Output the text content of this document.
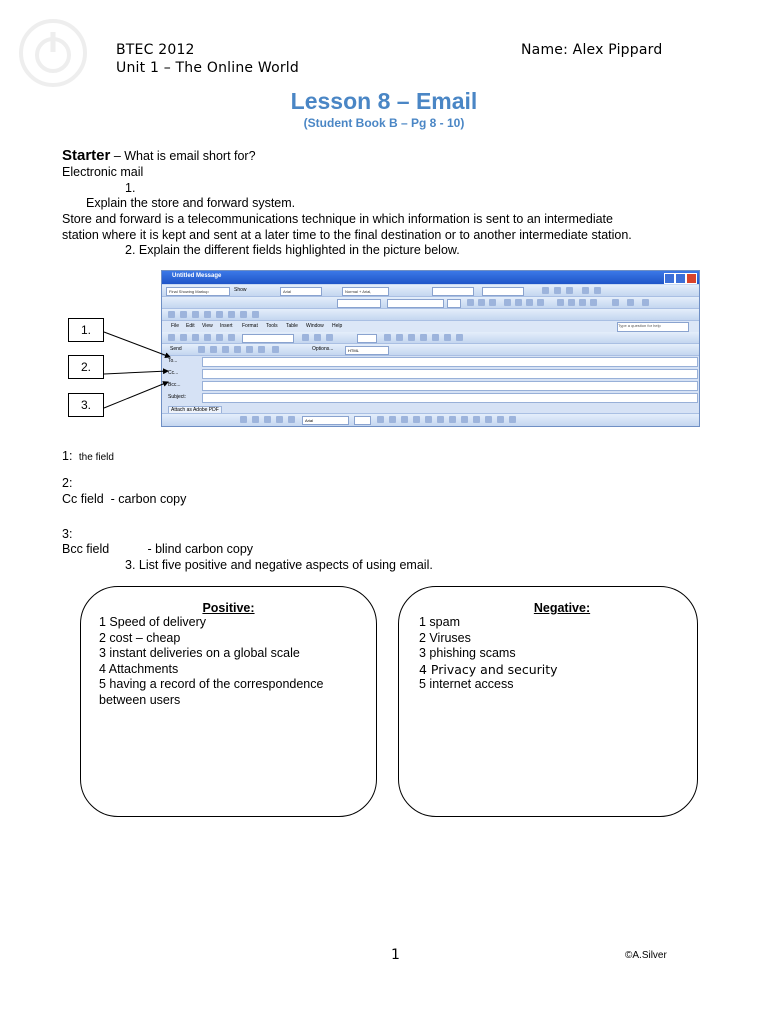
BTEC 2012
Unit 1 – The Online World
Name: Alex Pippard
Lesson 8 – Email
(Student Book B – Pg 8 - 10)
Starter – What is email short for?
Electronic mail
1.
Explain the store and forward system.
Store and forward is a telecommunications technique in which information is sent to an intermediate
station where it is kept and sent at a later time to the final destination or to another intermediate station.
2. Explain the different fields highlighted in the picture below.
Untitled Message
Final Showing Markup	Show	Arial	Normal + Arial,
File Edit View Insert Format Tools Table Window Help	Type a question for help
Send	Options...	HTML
To...
Cc...
Bcc...
Subject:
Attach as Adobe PDF
Arial
1.
2.
3.
1: the field
2:
Cc field  - carbon copy
3:
Bcc field           - blind carbon copy
3. List five positive and negative aspects of using email.
Positive:
1 Speed of delivery
2 cost – cheap
3 instant deliveries on a global scale
4 Attachments
5 having a record of the correspondence
between users
Negative:
1 spam
2 Viruses
3 phishing scams
4 Privacy and security
5 internet access
1	©A.Silver
